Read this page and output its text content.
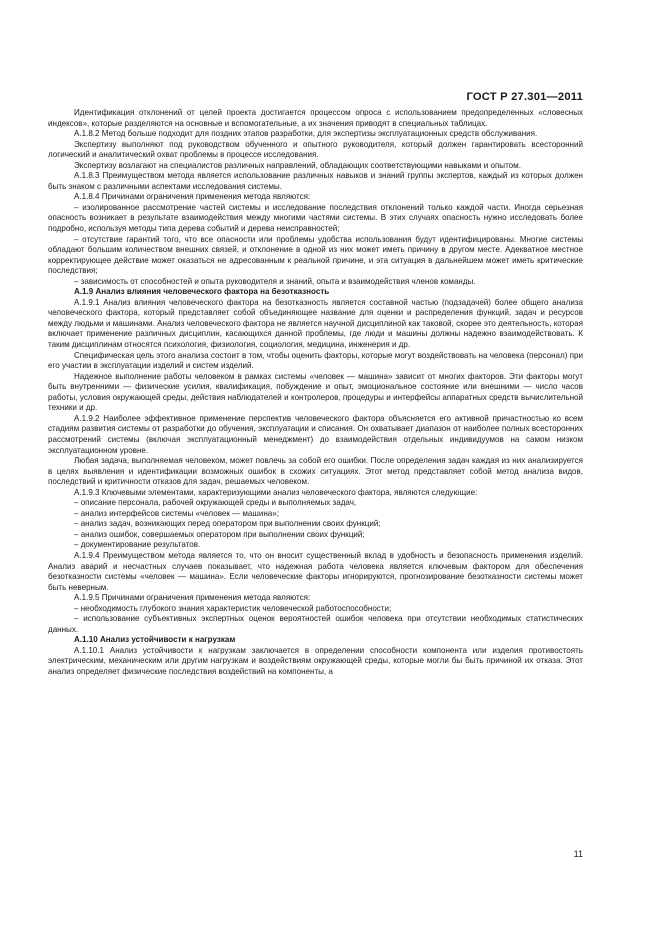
ГОСТ Р 27.301—2011

Идентификация отклонений от целей проекта достигается процессом опроса с использованием предопределенных «словесных индексов», которые разделяются на основные и вспомогательные, а их значения приводят в специальных таблицах.

А.1.8.2 Метод больше подходит для поздних этапов разработки, для экспертизы эксплуатационных средств обслуживания.

Экспертизу выполняют под руководством обученного и опытного руководителя, который должен гарантировать всесторонний логический и аналитический охват проблемы в процессе исследования.

Экспертизу возлагают на специалистов различных направлений, обладающих соответствующими навыками и опытом.

А.1.8.3 Преимуществом метода является использование различных навыков и знаний группы экспертов, каждый из которых должен быть знаком с различными аспектами исследования системы.

А.1.8.4 Причинами ограничения применения метода являются:

– изолированное рассмотрение частей системы и исследование последствия отклонений только каждой части. Иногда серьезная опасность возникает в результате взаимодействия между многими частями системы. В этих случаях опасность нужно исследовать более подробно, используя методы типа дерева событий и дерева неисправностей;

– отсутствие гарантий того, что все опасности или проблемы удобства использования будут идентифицированы. Многие системы обладают большим количеством внешних связей, и отклонение в одной из них может иметь причину в другом месте. Адекватное местное корректирующее действие может оказаться не адресованным к реальной причине, и эта ситуация в дальнейшем может иметь критические последствия;

– зависимость от способностей и опыта руководителя и знаний, опыта и взаимодействия членов команды.

А.1.9 Анализ влияния человеческого фактора на безотказность

А.1.9.1 Анализ влияния человеческого фактора на безотказность является составной частью (подзадачей) более общего анализа человеческого фактора, который представляет собой объединяющее название для оценки и распределения функций, задач и ресурсов между людьми и машинами. Анализ человеческого фактора не является научной дисциплиной как таковой, скорее это деятельность, которая включает применение различных дисциплин, касающихся данной проблемы, где люди и машины должны надежно взаимодействовать. К таким дисциплинам относятся психология, физиология, социология, медицина, инженерия и др.

Специфическая цель этого анализа состоит в том, чтобы оценить факторы, которые могут воздействовать на человека (персонал) при его участии в эксплуатации изделий и систем изделий.

Надежное выполнение работы человеком в рамках системы «человек — машина» зависит от многих факторов. Эти факторы могут быть внутренними — физические усилия, квалификация, побуждение и опыт, эмоциональное состояние или внешними — число часов работы, условия окружающей среды, действия наблюдателей и контролеров, процедуры и интерфейсы аппаратных средств вычислительной техники и др.

А.1.9.2 Наиболее эффективное применение перспектив человеческого фактора объясняется его активной причастностью ко всем стадиям развития системы от разработки до обучения, эксплуатации и списания. Он охватывает диапазон от наиболее полных всесторонних рассмотрений системы (включая эксплуатационный менеджмент) до взаимодействия отдельных индивидуумов на самом низком эксплуатационном уровне.

Любая задача, выполняемая человеком, может повлечь за собой его ошибки. После определения задач каждая из них анализируется в целях выявления и идентификации возможных ошибок в схожих ситуациях. Этот метод представляет собой метод анализа видов, последствий и критичности отказов для задач, решаемых человеком.

А.1.9.3 Ключевыми элементами, характеризующими анализ человеческого фактора, являются следующие:

– описание персонала, рабочей окружающей среды и выполняемых задач,

– анализ интерфейсов системы «человек — машина»;

– анализ задач, возникающих перед оператором при выполнении своих функций;

– анализ ошибок, совершаемых оператором при выполнении своих функций;

– документирование результатов.

А.1.9.4 Преимуществом метода является то, что он вносит существенный вклад в удобность и безопасность применения изделий. Анализ аварий и несчастных случаев показывает, что надежная работа человека является ключевым фактором для обеспечения безотказности системы «человек — машина». Если человеческие факторы игнорируются, прогнозирование безотказности системы может быть неверным.

А.1.9.5 Причинами ограничения применения метода являются:

– необходимость глубокого знания характеристик человеческой работоспособности;

– использование субъективных экспертных оценок вероятностей ошибок человека при отсутствии необходимых статистических данных.

А.1.10 Анализ устойчивости к нагрузкам

А.1.10.1 Анализ устойчивости к нагрузкам заключается в определении способности компонента или изделия противостоять электрическим, механическим или другим нагрузкам и воздействиям окружающей среды, которые могли бы быть причиной их отказа. Этот анализ определяет физические последствия воздействий на компоненты, а

11
